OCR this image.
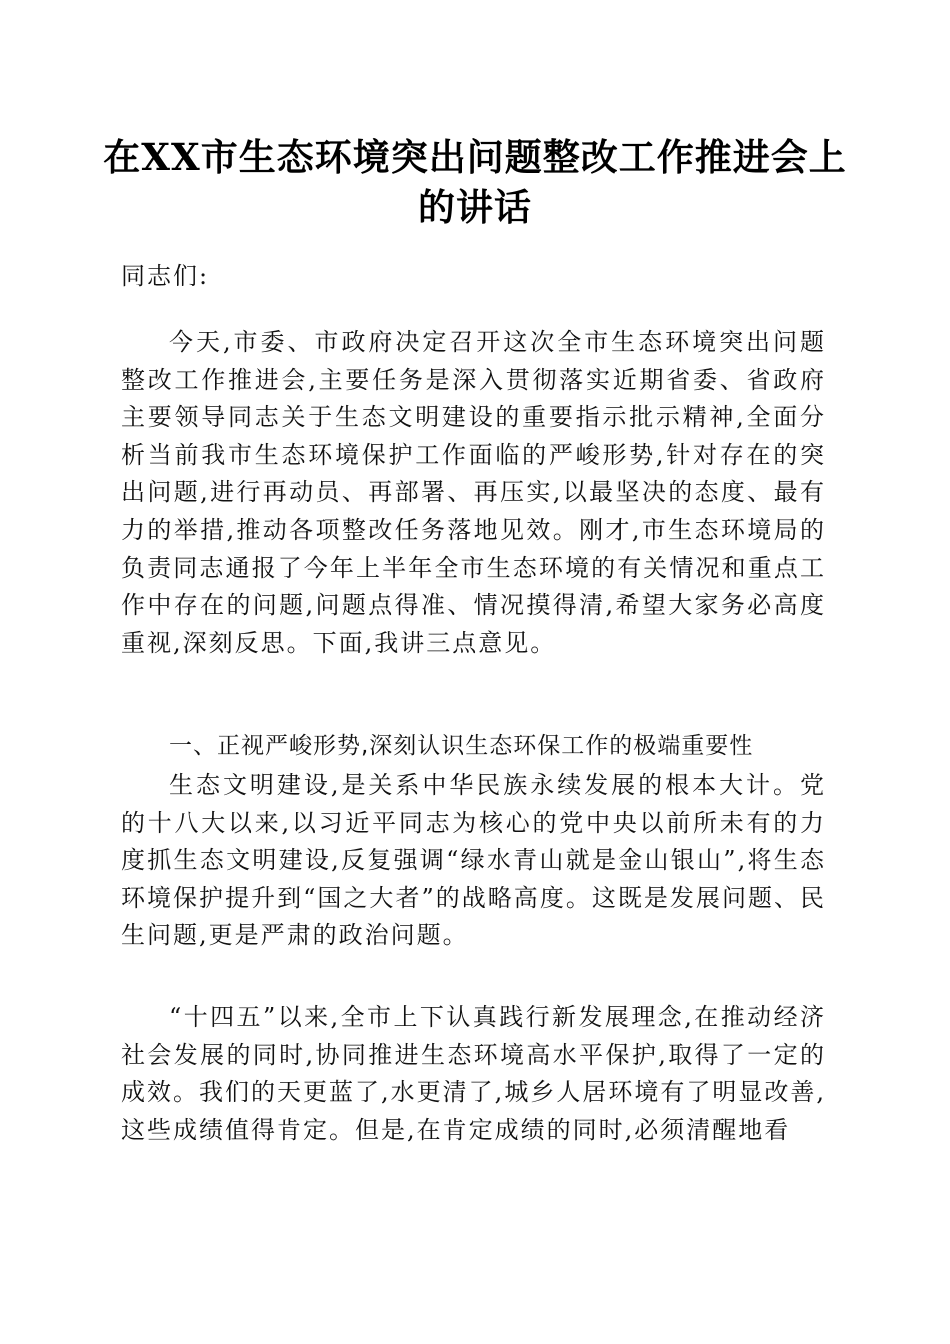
在XX市生态环境突出问题整改工作推进会上的讲话

同志们:

今天,市委、市政府决定召开这次全市生态环境突出问题整改工作推进会,主要任务是深入贯彻落实近期省委、省政府主要领导同志关于生态文明建设的重要指示批示精神,全面分析当前我市生态环境保护工作面临的严峻形势,针对存在的突出问题,进行再动员、再部署、再压实,以最坚决的态度、最有力的举措,推动各项整改任务落地见效。刚才,市生态环境局的负责同志通报了今年上半年全市生态环境的有关情况和重点工作中存在的问题,问题点得准、情况摸得清,希望大家务必高度重视,深刻反思。下面,我讲三点意见。

一、正视严峻形势,深刻认识生态环保工作的极端重要性

生态文明建设,是关系中华民族永续发展的根本大计。党的十八大以来,以习近平同志为核心的党中央以前所未有的力度抓生态文明建设,反复强调“绿水青山就是金山银山”,将生态环境保护提升到“国之大者”的战略高度。这既是发展问题、民生问题,更是严肃的政治问题。

“十四五”以来,全市上下认真践行新发展理念,在推动经济社会发展的同时,协同推进生态环境高水平保护,取得了一定的成效。我们的天更蓝了,水更清了,城乡人居环境有了明显改善,这些成绩值得肯定。但是,在肯定成绩的同时,必须清醒地看
